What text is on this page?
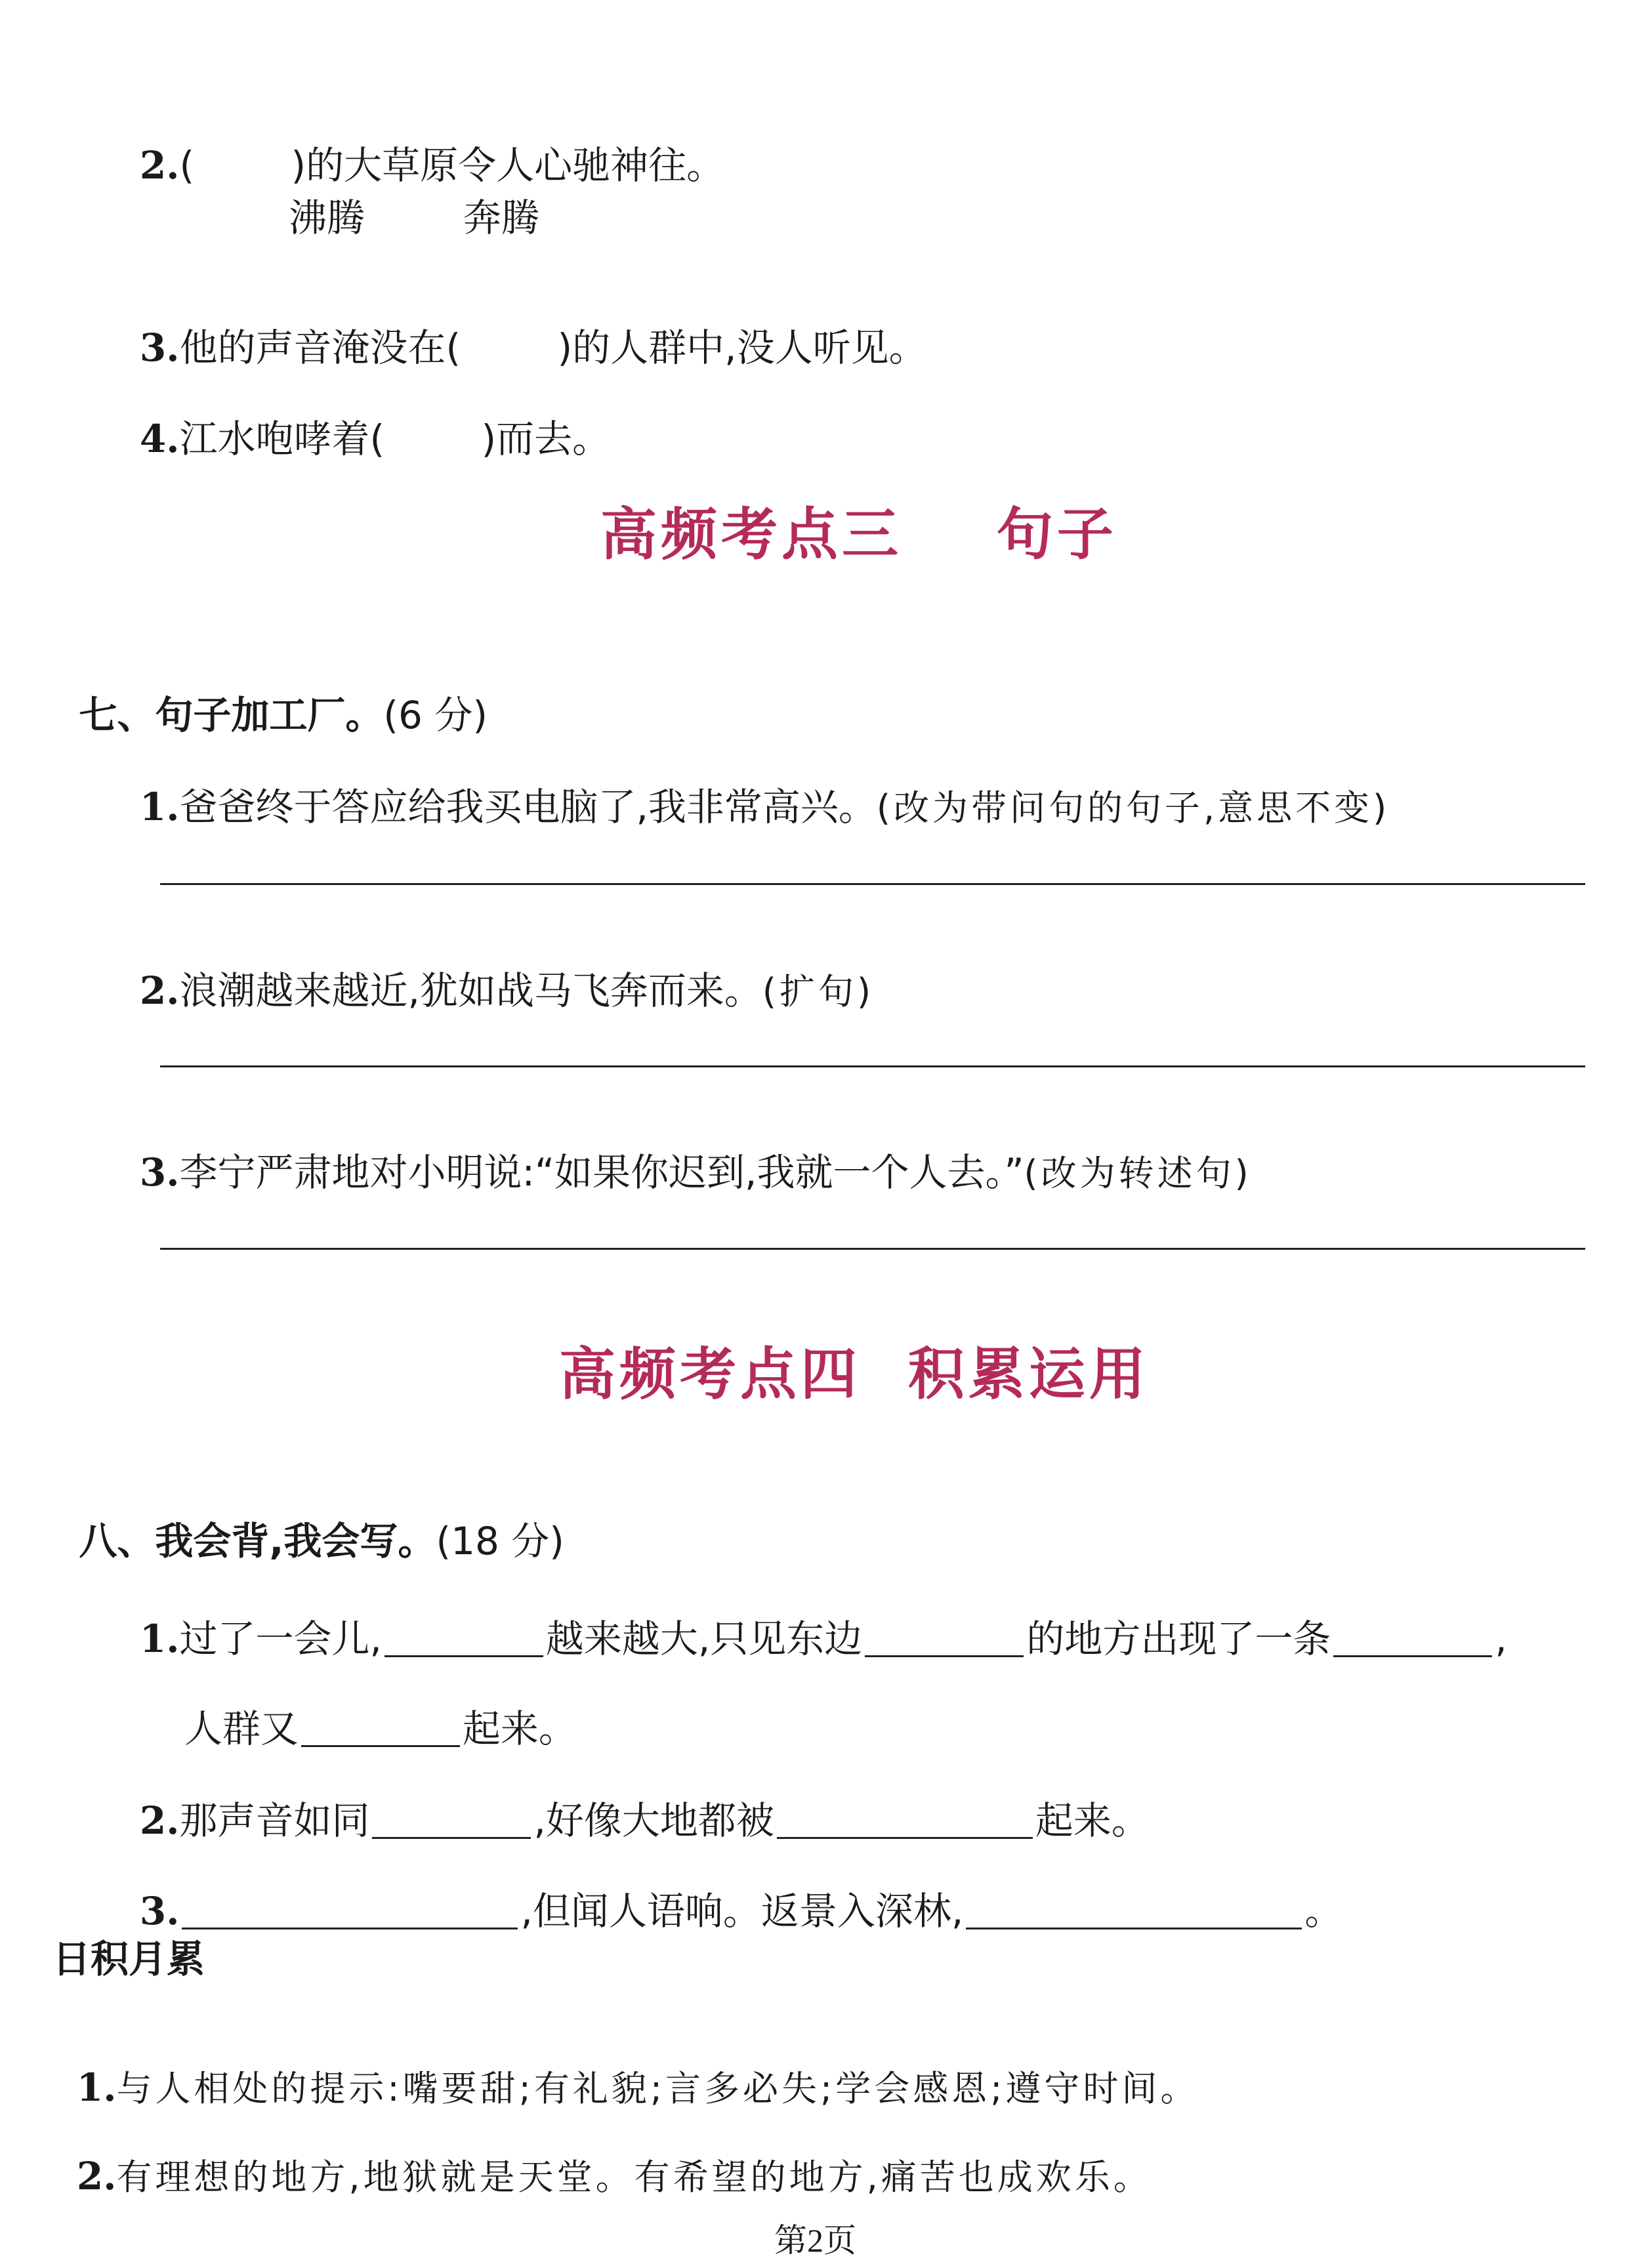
2.(        )的大草原令人心驰神往。

沸腾	奔腾

3.他的声音淹没在(        )的人群中,没人听见。

4.江水咆哮着(        )而去。

高频考点三    句子

七、句子加工厂。(6 分)

1.爸爸终于答应给我买电脑了,我非常高兴。(改为带问句的句子,意思不变)

2.浪潮越来越近,犹如战马飞奔而来。(扩句)

3.李宁严肃地对小明说:“如果你迟到,我就一个人去。”(改为转述句)

高频考点四  积累运用

八、我会背,我会写。(18 分)

1.过了一会儿,	越来越大,只见东边	的地方出现了一条	,

人群又	起来。

2.那声音如同	,好像大地都被	起来。

3.	,但闻人语响。返景入深林,	。

日积月累

1.与人相处的提示:嘴要甜;有礼貌;言多必失;学会感恩;遵守时间。

2.有理想的地方,地狱就是天堂。有希望的地方,痛苦也成欢乐。

第2页
